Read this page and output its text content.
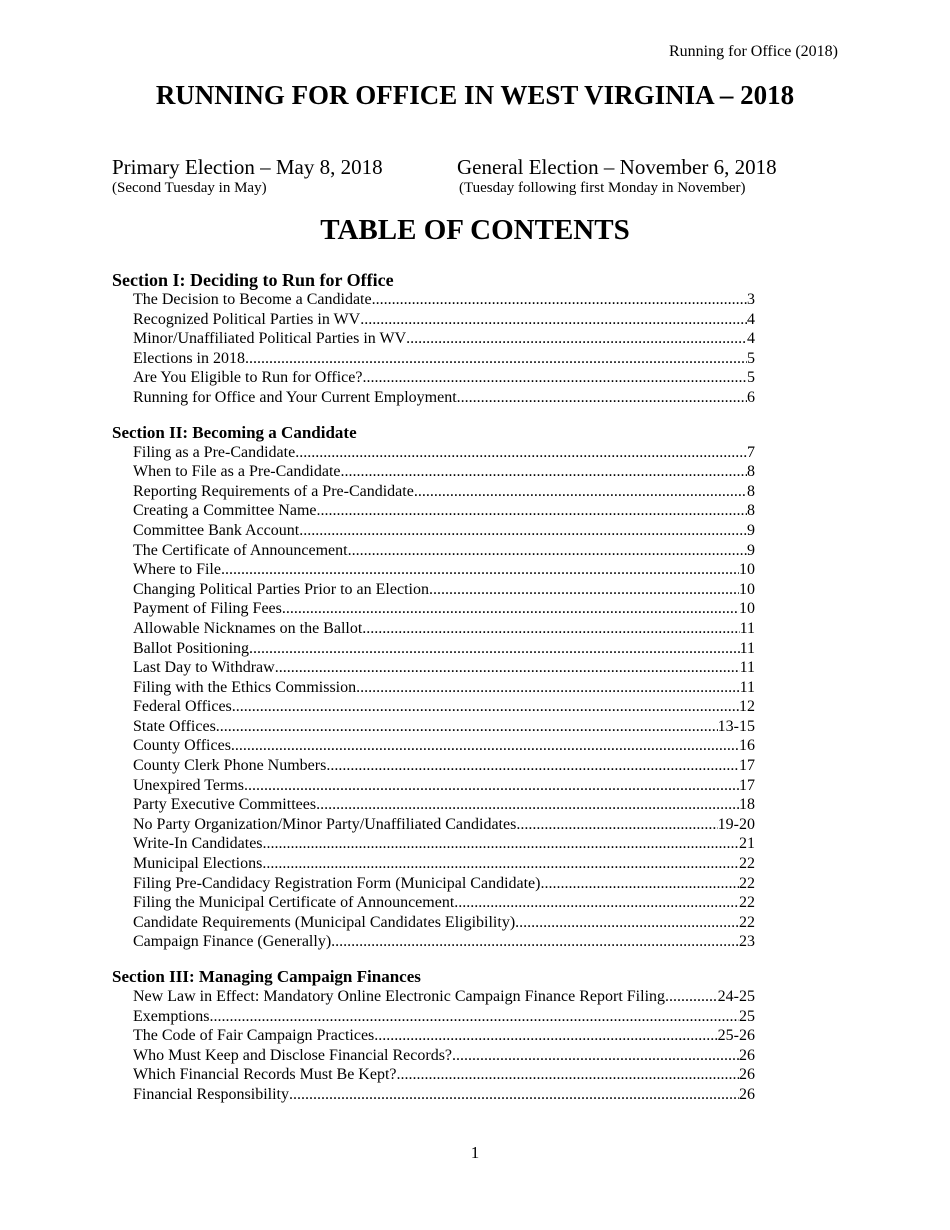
Running for Office (2018)
RUNNING FOR OFFICE IN WEST VIRGINIA – 2018
Primary Election – May 8, 2018
(Second Tuesday in May)
General Election – November 6, 2018
(Tuesday following first Monday in November)
TABLE OF CONTENTS
Section I: Deciding to Run for Office
The Decision to Become a Candidate .....	3
Recognized Political Parties in WV .....	4
Minor/Unaffiliated Political Parties in WV .....	4
Elections in 2018 .....	5
Are You Eligible to Run for Office? .....	5
Running for Office and Your Current Employment .....	6
Section II: Becoming a Candidate
Filing as a Pre-Candidate .....	7
When to File as a Pre-Candidate .....	8
Reporting Requirements of a Pre-Candidate .....	8
Creating a Committee Name .....	8
Committee Bank Account .....	9
The Certificate of Announcement .....	9
Where to File .....	10
Changing Political Parties Prior to an Election .....	10
Payment of Filing Fees .....	10
Allowable Nicknames on the Ballot .....	11
Ballot Positioning .....	11
Last Day to Withdraw .....	11
Filing with the Ethics Commission .....	11
Federal Offices .....	12
State Offices .....	13-15
County Offices .....	16
County Clerk Phone Numbers .....	17
Unexpired Terms .....	17
Party Executive Committees .....	18
No Party Organization/Minor Party/Unaffiliated Candidates .....	19-20
Write-In Candidates .....	21
Municipal Elections .....	22
Filing Pre-Candidacy Registration Form (Municipal Candidate) .....	22
Filing the Municipal Certificate of Announcement .....	22
Candidate Requirements (Municipal Candidates Eligibility) .....	22
Campaign Finance (Generally) .....	23
Section III: Managing Campaign Finances
New Law in Effect: Mandatory Online Electronic Campaign Finance Report Filing .....	24-25
Exemptions .....	25
The Code of Fair Campaign Practices .....	25-26
Who Must Keep and Disclose Financial Records? .....	26
Which Financial Records Must Be Kept? .....	26
Financial Responsibility .....	26
1
